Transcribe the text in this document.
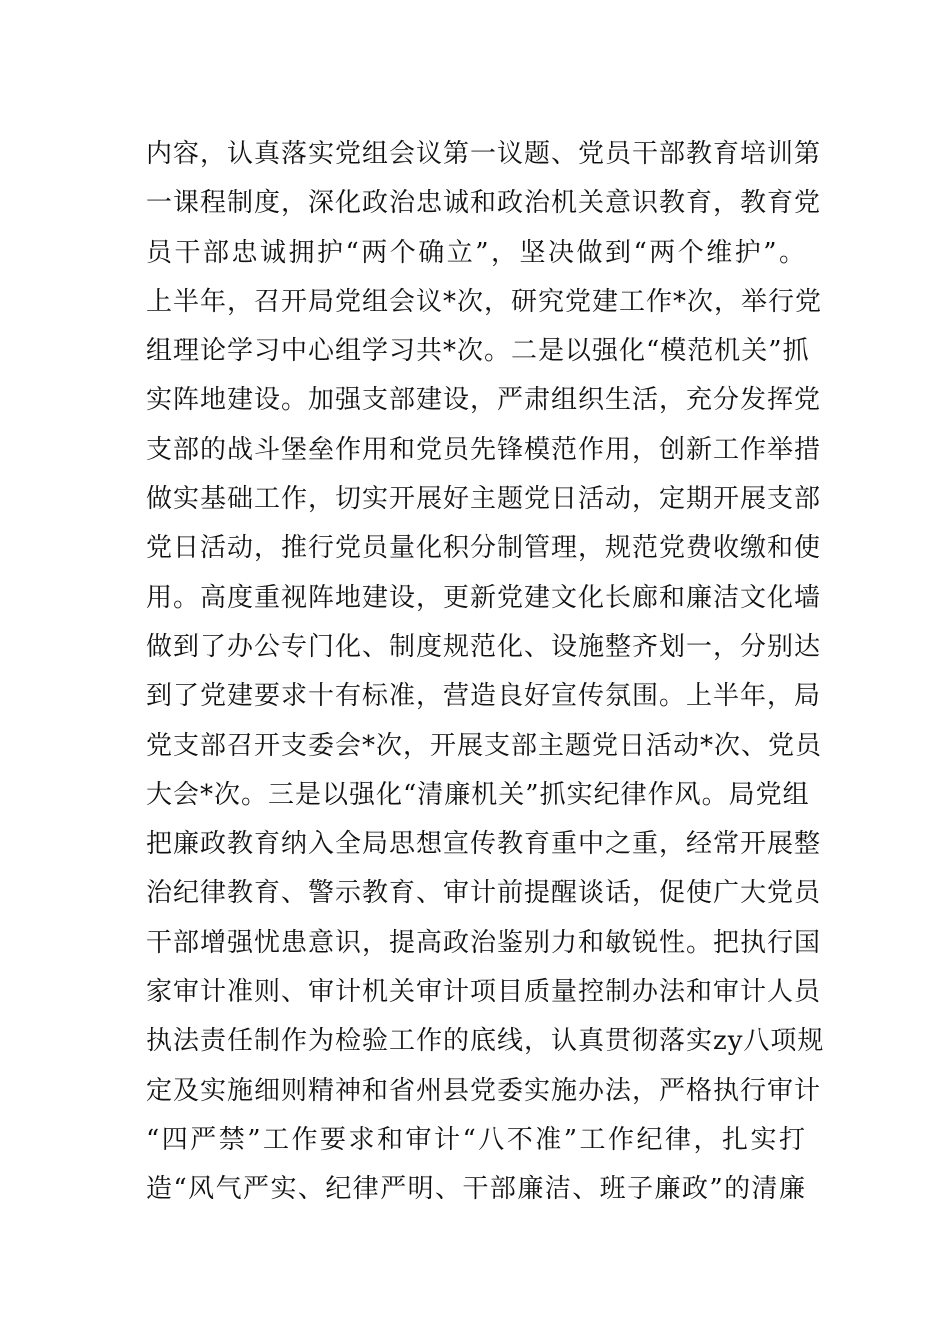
内容，认真落实党组会议第一议题、党员干部教育培训第
一课程制度，深化政治忠诚和政治机关意识教育，教育党
员干部忠诚拥护“两个确立”，坚决做到“两个维护”。
上半年，召开局党组会议*次，研究党建工作*次，举行党
组理论学习中心组学习共*次。二是以强化“模范机关”抓
实阵地建设。加强支部建设，严肃组织生活，充分发挥党
支部的战斗堡垒作用和党员先锋模范作用，创新工作举措
做实基础工作，切实开展好主题党日活动，定期开展支部
党日活动，推行党员量化积分制管理，规范党费收缴和使
用。高度重视阵地建设，更新党建文化长廊和廉洁文化墙
做到了办公专门化、制度规范化、设施整齐划一，分别达
到了党建要求十有标准，营造良好宣传氛围。上半年，局
党支部召开支委会*次，开展支部主题党日活动*次、党员
大会*次。三是以强化“清廉机关”抓实纪律作风。局党组
把廉政教育纳入全局思想宣传教育重中之重，经常开展整
治纪律教育、警示教育、审计前提醒谈话，促使广大党员
干部增强忧患意识，提高政治鉴别力和敏锐性。把执行国
家审计准则、审计机关审计项目质量控制办法和审计人员
执法责任制作为检验工作的底线，认真贯彻落实zy八项规
定及实施细则精神和省州县党委实施办法，严格执行审计
“四严禁”工作要求和审计“八不准”工作纪律，扎实打
造“风气严实、纪律严明、干部廉洁、班子廉政”的清廉
